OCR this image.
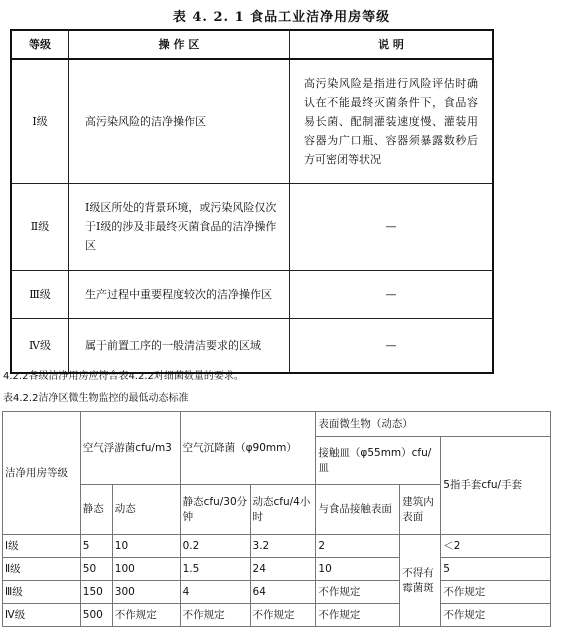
表 4. 2. 1 食品工业洁净用房等级
等级	操 作 区	说 明
Ⅰ级	高污染风险的洁净操作区	高污染风险是指进行风险评估时确认在不能最终灭菌条件下，食品容易长菌、配制灌装速度慢、灌装用容器为广口瓶、容器须暴露数秒后方可密闭等状况
Ⅱ级	Ⅰ级区所处的背景环境，或污染风险仅次于Ⅰ级的涉及非最终灭菌食品的洁净操作区	—
Ⅲ级	生产过程中重要程度较次的洁净操作区	—
Ⅳ级	属于前置工序的一般清洁要求的区域	—
4.2.2各级洁净用房应符合表4.2.2对细菌数量的要求。
表4.2.2洁净区微生物监控的最低动态标准
洁净用房等级	空气浮游菌cfu/m3		空气沉降菌（φ90mm）		表面微生物（动态）		
					接触皿（φ55mm）cfu/皿		5指手套cfu/手套
	静态	动态	静态cfu/30分钟	动态cfu/4小时	与食品接触表面	建筑内表面	
Ⅰ级	5	10	0.2	3.2	2	不得有霉菌斑	＜2
Ⅱ级	50	100	1.5	24	10		5
Ⅲ级	150	300	4	64	不作规定		不作规定
Ⅳ级	500	不作规定	不作规定	不作规定	不作规定		不作规定
